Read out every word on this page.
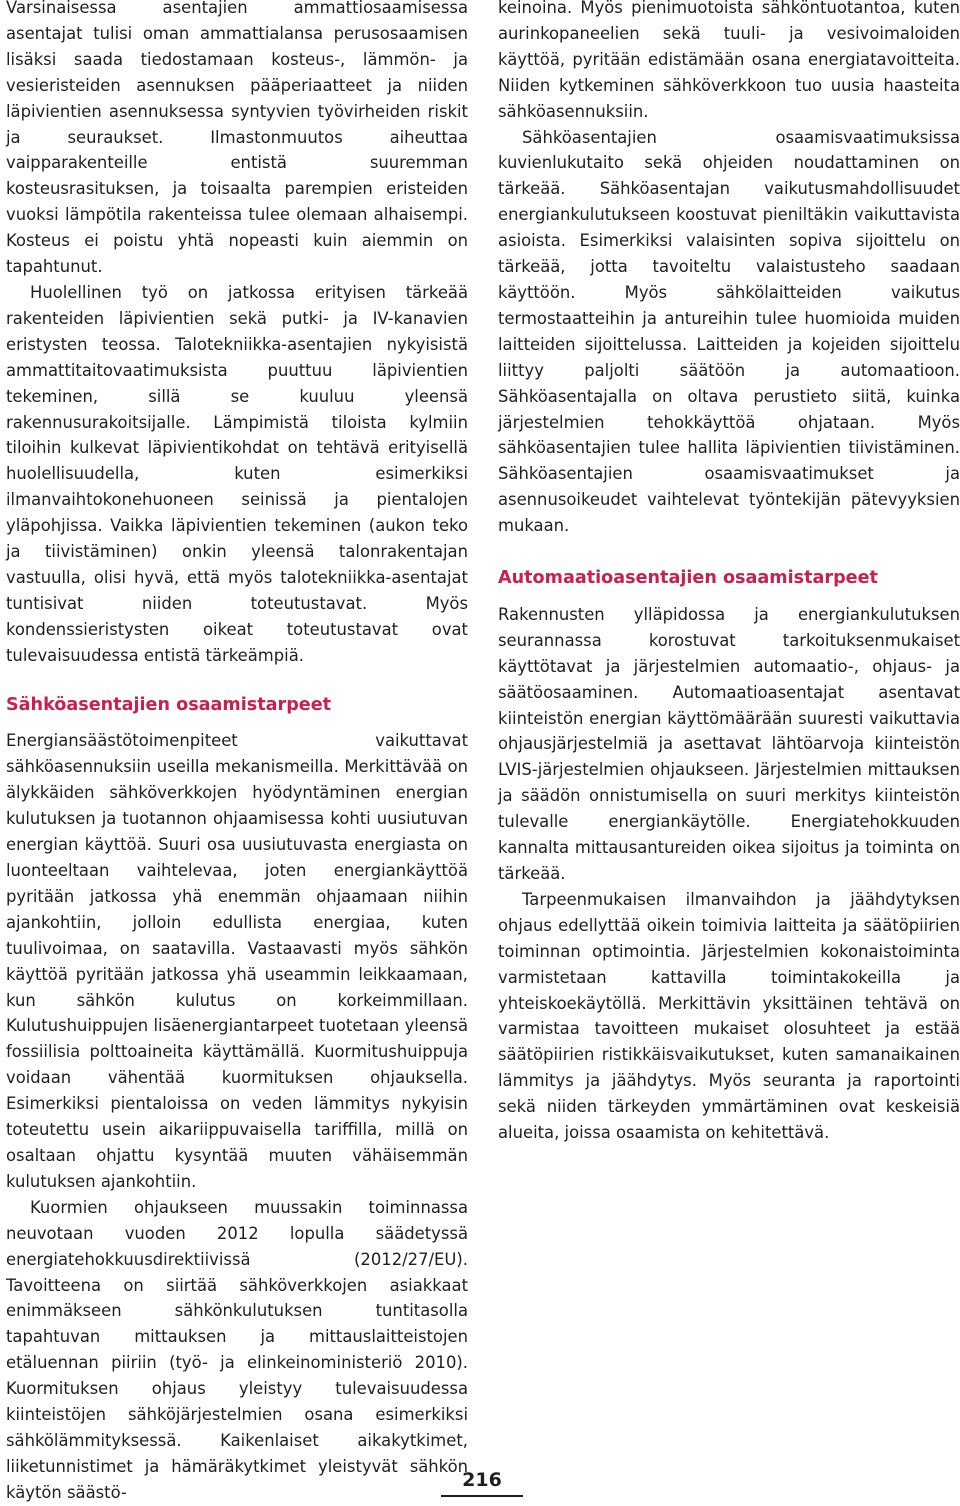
Varsinaisessa asentajien ammattiosaamisessa asentajat tulisi oman ammattialansa perusosaamisen lisäksi saada tiedostamaan kosteus-, lämmön- ja vesieristeiden asennuksen pääperiaatteet ja niiden läpivientien asennuksessa syntyvien työvirheiden riskit ja seuraukset. Ilmastonmuutos aiheuttaa vaipparakenteille entistä suuremman kosteusrasituksen, ja toisaalta parempien eristeiden vuoksi lämpötila rakenteissa tulee olemaan alhaisempi. Kosteus ei poistu yhtä nopeasti kuin aiemmin on tapahtunut.

Huolellinen työ on jatkossa erityisen tärkeää rakenteiden läpivientien sekä putki- ja IV-kanavien eristysten teossa. Talotekniikka-asentajien nykyisistä ammattitaitovaatimuksista puuttuu läpivientien tekeminen, sillä se kuuluu yleensä rakennusurakoitsijalle. Lämpimistä tiloista kylmiin tiloihin kulkevat läpivientikohdat on tehtävä erityisellä huolellisuudella, kuten esimerkiksi ilmanvaihtokonehuoneen seinissä ja pientalojen yläpohjissa. Vaikka läpivientien tekeminen (aukon teko ja tiivistäminen) onkin yleensä talonrakentajan vastuulla, olisi hyvä, että myös talotekniikka-asentajat tuntisivat niiden toteutustavat. Myös kondenssieristysten oikeat toteutustavat ovat tulevaisuudessa entistä tärkeämpiä.

Sähköasentajien osaamistarpeet

Energiansäästötoimenpiteet vaikuttavat sähköasennuksiin useilla mekanismeilla. Merkittävää on älykkäiden sähköverkkojen hyödyntäminen energian kulutuksen ja tuotannon ohjaamisessa kohti uusiutuvan energian käyttöä. Suuri osa uusiutuvasta energiasta on luonteeltaan vaihtelevaa, joten energiankäyttöä pyritään jatkossa yhä enemmän ohjaamaan niihin ajankohtiin, jolloin edullista energiaa, kuten tuulivoimaa, on saatavilla. Vastaavasti myös sähkön käyttöä pyritään jatkossa yhä useammin leikkaamaan, kun sähkön kulutus on korkeimmillaan. Kulutushuippujen lisäenergiantarpeet tuotetaan yleensä fossiilisia polttoaineita käyttämällä. Kuormitushuippuja voidaan vähentää kuormituksen ohjauksella. Esimerkiksi pientaloissa on veden lämmitys nykyisin toteutettu usein aikariippuvaisella tariffilla, millä on osaltaan ohjattu kysyntää muuten vähäisemmän kulutuksen ajankohtiin.

Kuormien ohjaukseen muussakin toiminnassa neuvotaan vuoden 2012 lopulla säädetyssä energiatehokkuusdirektiivissä (2012/27/EU). Tavoitteena on siirtää sähköverkkojen asiakkaat enimmäkseen sähkönkulutuksen tuntitasolla tapahtuvan mittauksen ja mittauslaitteistojen etäluennan piiriin (työ- ja elinkeinoministeriö 2010). Kuormituksen ohjaus yleistyy tulevaisuudessa kiinteistöjen sähköjärjestelmien osana esimerkiksi sähkölämmityksessä. Kaikenlaiset aikakytkimet, liiketunnistimet ja hämäräkytkimet yleistyvät sähkön käytön säästö-

keinoina. Myös pienimuotoista sähköntuotantoa, kuten aurinkopaneelien sekä tuuli- ja vesivoimaloiden käyttöä, pyritään edistämään osana energiatavoitteita. Niiden kytkeminen sähköverkkoon tuo uusia haasteita sähköasennuksiin.

Sähköasentajien osaamisvaatimuksissa kuvienlukutaito sekä ohjeiden noudattaminen on tärkeää. Sähköasentajan vaikutusmahdollisuudet energiankulutukseen koostuvat pieniltäkin vaikuttavista asioista. Esimerkiksi valaisinten sopiva sijoittelu on tärkeää, jotta tavoiteltu valaistusteho saadaan käyttöön. Myös sähkölaitteiden vaikutus termostaatteihin ja antureihin tulee huomioida muiden laitteiden sijoittelussa. Laitteiden ja kojeiden sijoittelu liittyy paljolti säätöön ja automaatioon. Sähköasentajalla on oltava perustieto siitä, kuinka järjestelmien tehokkäyttöä ohjataan. Myös sähköasentajien tulee hallita läpivientien tiivistäminen. Sähköasentajien osaamisvaatimukset ja asennusoikeudet vaihtelevat työntekijän pätevyyksien mukaan.

Automaatioasentajien osaamistarpeet

Rakennusten ylläpidossa ja energiankulutuksen seurannassa korostuvat tarkoituksenmukaiset käyttötavat ja järjestelmien automaatio-, ohjaus- ja säätöosaaminen. Automaatioasentajat asentavat kiinteistön energian käyttömäärään suuresti vaikuttavia ohjausjärjestelmiä ja asettavat lähtöarvoja kiinteistön LVIS-järjestelmien ohjaukseen. Järjestelmien mittauksen ja säädön onnistumisella on suuri merkitys kiinteistön tulevalle energiankäytölle. Energiatehokkuuden kannalta mittausantureiden oikea sijoitus ja toiminta on tärkeää.

Tarpeenmukaisen ilmanvaihdon ja jäähdytyksen ohjaus edellyttää oikein toimivia laitteita ja säätöpiirien toiminnan optimointia. Järjestelmien kokonaistoiminta varmistetaan kattavilla toimintakokeilla ja yhteiskoekäytöllä. Merkittävin yksittäinen tehtävä on varmistaa tavoitteen mukaiset olosuhteet ja estää säätöpiirien ristikkäisvaikutukset, kuten samanaikainen lämmitys ja jäähdytys. Myös seuranta ja raportointi sekä niiden tärkeyden ymmärtäminen ovat keskeisiä alueita, joissa osaamista on kehitettävä.

216
